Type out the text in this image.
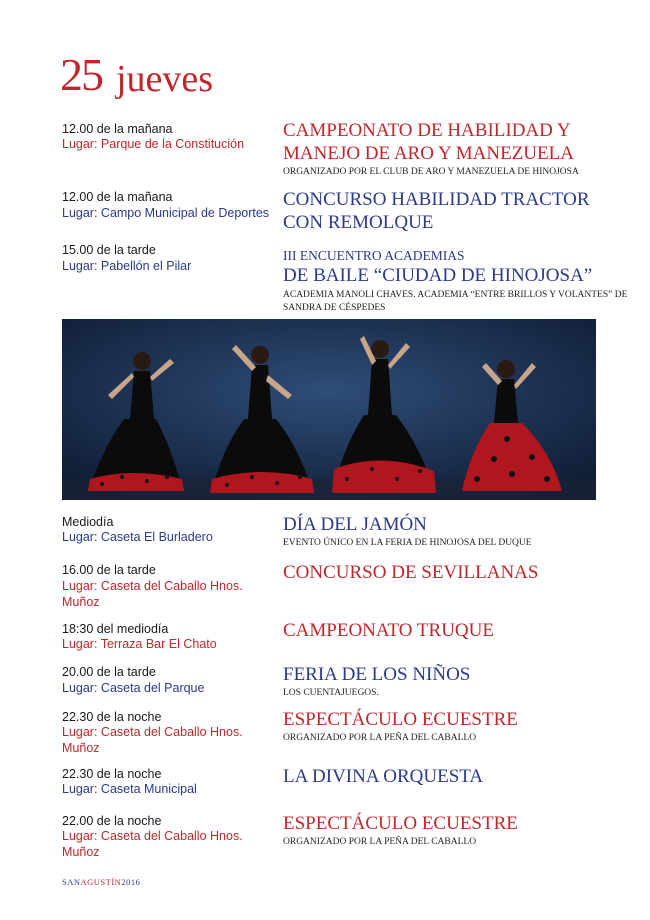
25 jueves
12.00 de la mañana
Lugar: Parque de la Constitución
CAMPEONATO DE HABILIDAD Y
MANEJO DE ARO Y MANEZUELA
ORGANIZADO POR EL CLUB DE ARO Y MANEZUELA DE HINOJOSA
12.00 de la mañana
Lugar: Campo Municipal de Deportes
CONCURSO HABILIDAD TRACTOR
CON REMOLQUE
15.00 de la tarde
Lugar: Pabellón el Pilar
III ENCUENTRO ACADEMIAS
DE BAILE “CIUDAD DE HINOJOSA”
ACADEMIA MANOLI CHAVES. ACADEMIA “ENTRE BRILLOS Y VOLANTES” DE
SANDRA DE CÉSPEDES
Mediodía
Lugar: Caseta El Burladero
DÍA DEL JAMÓN
EVENTO ÚNICO EN LA FERIA DE HINOJOSA DEL DUQUE
16.00 de la tarde
Lugar: Caseta del Caballo Hnos. Muñoz
CONCURSO DE SEVILLANAS
18:30 del mediodía
Lugar: Terraza Bar El Chato
CAMPEONATO TRUQUE
20.00 de la tarde
Lugar: Caseta del Parque
FERIA DE LOS NIÑOS
LOS CUENTAJUEGOS.
22.30 de la noche
Lugar: Caseta del Caballo Hnos. Muñoz
ESPECTÁCULO ECUESTRE
ORGANIZADO POR LA PEÑA DEL CABALLO
22.30 de la noche
Lugar: Caseta Municipal
LA DIVINA ORQUESTA
22.00 de la noche
Lugar: Caseta del Caballo Hnos. Muñoz
ESPECTÁCULO ECUESTRE
ORGANIZADO POR LA PEÑA DEL CABALLO
SANAGUSTÍN2016
